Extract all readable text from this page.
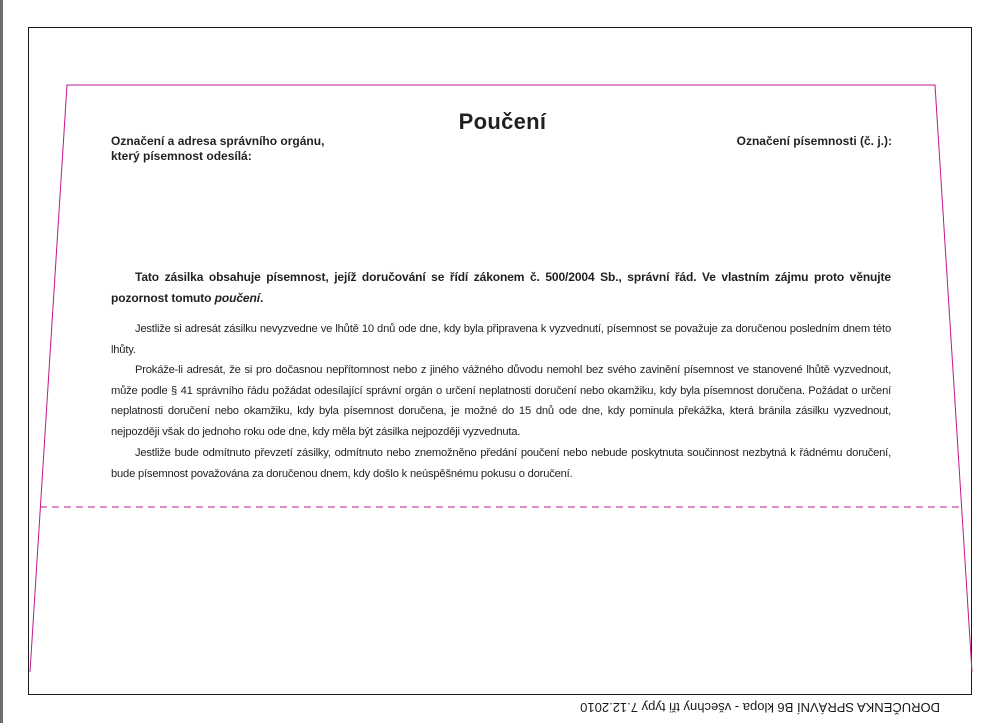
Poučení
Označení a adresa správního orgánu,
který písemnost odesílá:
Označení písemnosti (č. j.):
Tato zásilka obsahuje písemnost, jejíž doručování se řídí zákonem č. 500/2004 Sb., správní řád. Ve vlastním zájmu proto věnujte pozornost tomuto poučení.
Jestliže si adresát zásilku nevyzvedne ve lhůtě 10 dnů ode dne, kdy byla připravena k vyzvednutí, písemnost se považuje za doručenou posledním dnem této lhůty.
Prokáže-li adresát, že si pro dočasnou nepřítomnost nebo z jiného vážného důvodu nemohl bez svého zavinění písemnost ve stanovené lhůtě vyzvednout, může podle § 41 správního řádu požádat odesílající správní orgán o určení neplatnosti doručení nebo okamžiku, kdy byla písemnost doručena. Požádat o určení neplatnosti doručení nebo okamžiku, kdy byla písemnost doručena, je možné do 15 dnů ode dne, kdy pominula překážka, která bránila zásilku vyzvednout, nejpozději však do jednoho roku ode dne, kdy měla být zásilka nejpozději vyzvednuta.
Jestliže bude odmítnuto převzetí zásilky, odmítnuto nebo znemožněno předání poučení nebo nebude poskytnuta součinnost nezbytná k řádnému doručení, bude písemnost považována za doručenou dnem, kdy došlo k neúspěšnému pokusu o doručení.
DORUČENKA SPRÁVNÍ B6 klopa - všechny tři typy 7.12.2010
